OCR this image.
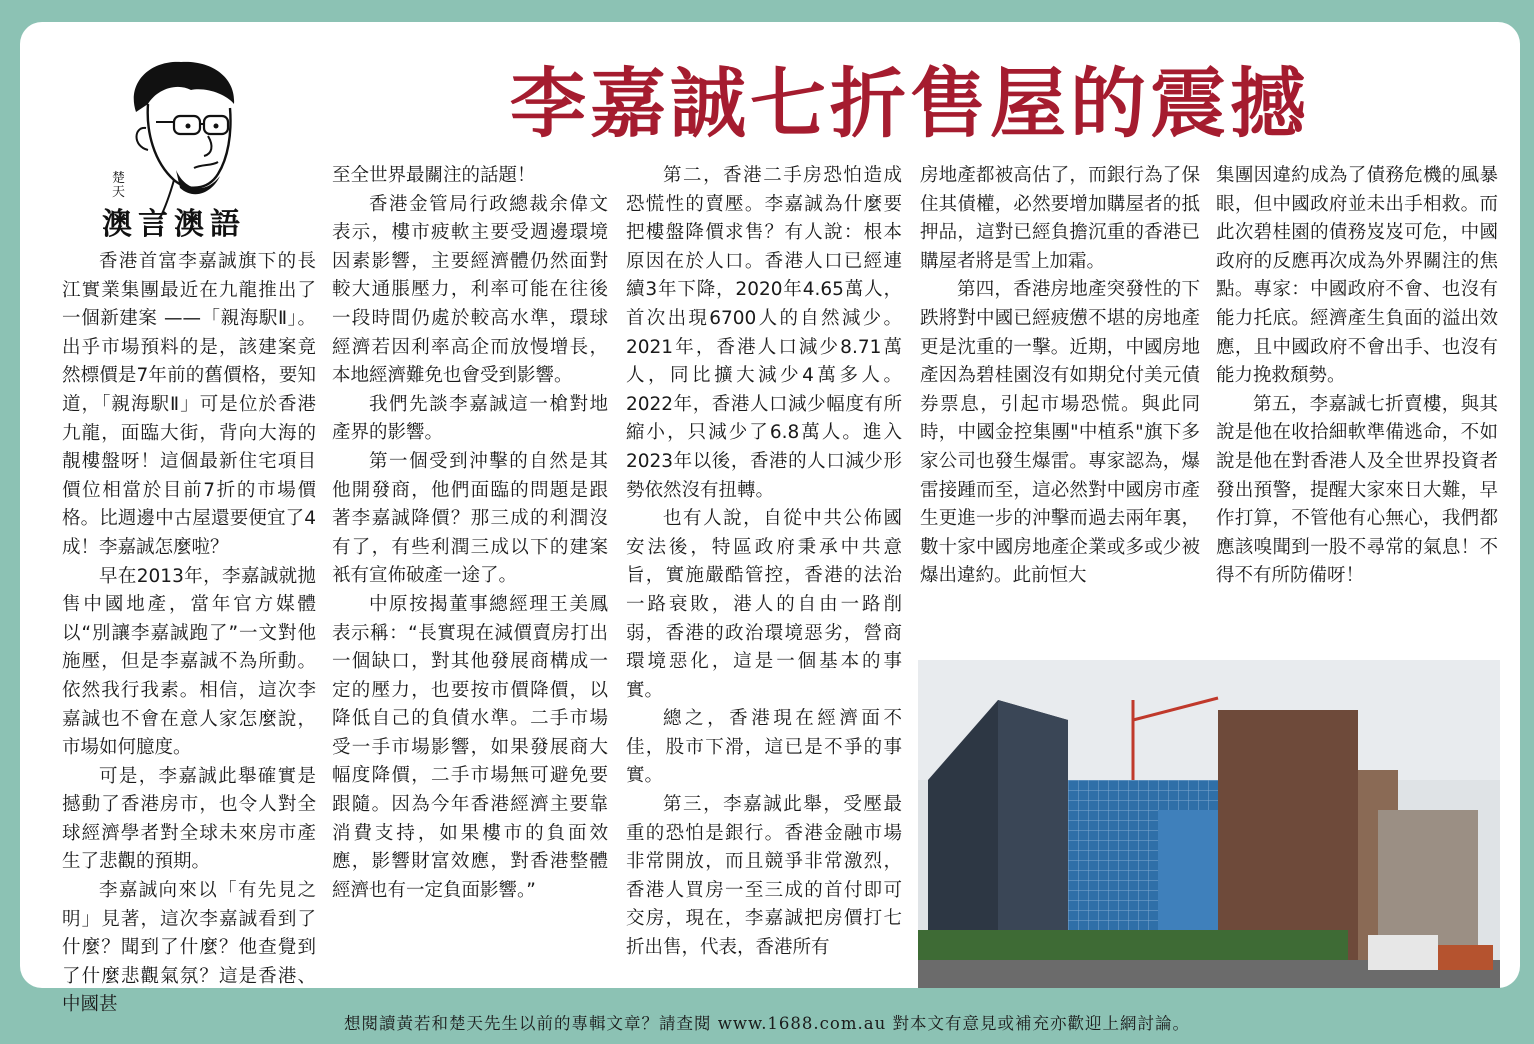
李嘉誠七折售屋的震撼
楚天
澳言澳語

香港首富李嘉誠旗下的長江實業集團最近在九龍推出了一個新建案 ——「親海駅Ⅱ」。出乎市場預料的是，該建案竟然標價是7年前的舊價格，要知道，「親海駅Ⅱ」可是位於香港九龍，面臨大街，背向大海的靚樓盤呀！這個最新住宅項目價位相當於目前7折的市場價格。比週邊中古屋還要便宜了4成！李嘉誠怎麼啦？

早在2013年，李嘉誠就拋售中國地產，當年官方媒體以“別讓李嘉誠跑了”一文對他施壓，但是李嘉誠不為所動。依然我行我素。相信，這次李嘉誠也不會在意人家怎麼說，市場如何臆度。

可是，李嘉誠此舉確實是撼動了香港房市，也令人對全球經濟學者對全球未來房市產生了悲觀的預期。

李嘉誠向來以「有先見之明」見著，這次李嘉誠看到了什麼？聞到了什麼？他查覺到了什麼悲觀氣氛？這是香港、中國甚

至全世界最關注的話題！

香港金管局行政總裁余偉文表示，樓市疲軟主要受週邊環境因素影響，主要經濟體仍然面對較大通脹壓力，利率可能在往後一段時間仍處於較高水準，環球經濟若因利率高企而放慢增長，本地經濟難免也會受到影響。

我們先談李嘉誠這一槍對地產界的影響。

第一個受到沖擊的自然是其他開發商，他們面臨的問題是跟著李嘉誠降價？那三成的利潤沒有了，有些利潤三成以下的建案衹有宣佈破產一途了。

中原按揭董事總經理王美鳳表示稱：“長實現在減價賣房打出一個缺口，對其他發展商構成一定的壓力，也要按市價降價，以降低自己的負債水準。二手市場受一手市場影響，如果發展商大幅度降價，二手市場無可避免要跟隨。因為今年香港經濟主要靠消費支持，如果樓市的負面效應，影響財富效應，對香港整體經濟也有一定負面影響。”

第二，香港二手房恐怕造成恐慌性的賣壓。李嘉誠為什麼要把樓盤降價求售？有人說：根本原因在於人口。香港人口已經連續3年下降，2020年4.65萬人，首次出現6700人的自然減少。2021年，香港人口減少8.71萬人，同比擴大減少4萬多人。2022年，香港人口減少幅度有所縮小，只減少了6.8萬人。進入2023年以後，香港的人口減少形勢依然沒有扭轉。

也有人說，自從中共公佈國安法後，特區政府秉承中共意旨，實施嚴酷管控，香港的法治一路衰敗，港人的自由一路削弱，香港的政治環境惡劣，營商環境惡化，這是一個基本的事實。

總之，香港現在經濟面不佳，股市下滑，這已是不爭的事實。

第三，李嘉誠此舉，受壓最重的恐怕是銀行。香港金融市場非常開放，而且競爭非常激烈，香港人買房一至三成的首付即可交房，現在，李嘉誠把房價打七折出售，代表，香港所有

房地產都被高估了，而銀行為了保住其債權，必然要增加購屋者的抵押品，這對已經負擔沉重的香港已購屋者將是雪上加霜。

第四，香港房地產突發性的下跌將對中國已經疲憊不堪的房地產更是沈重的一擊。近期，中國房地產因為碧桂園沒有如期兌付美元債券票息，引起市場恐慌。與此同時，中國金控集團"中植系"旗下多家公司也發生爆雷。專家認為，爆雷接踵而至，這必然對中國房市產生更進一步的沖擊而過去兩年裏，數十家中國房地產企業或多或少被爆出違約。此前恒大

集團因違約成為了債務危機的風暴眼，但中國政府並未出手相救。而此次碧桂園的債務岌岌可危，中國政府的反應再次成為外界關注的焦點。專家：中國政府不會、也沒有能力托底。經濟產生負面的溢出效應，且中國政府不會出手、也沒有能力挽救頹勢。

第五，李嘉誠七折賣樓，與其說是他在收拾細軟準備逃命，不如說是他在對香港人及全世界投資者發出預警，提醒大家來日大難，早作打算，不管他有心無心，我們都應該嗅聞到一股不尋常的氣息！不得不有所防備呀！

想閱讀黃若和楚天先生以前的專輯文章？請查閱 www.1688.com.au 對本文有意見或補充亦歡迎上網討論。
